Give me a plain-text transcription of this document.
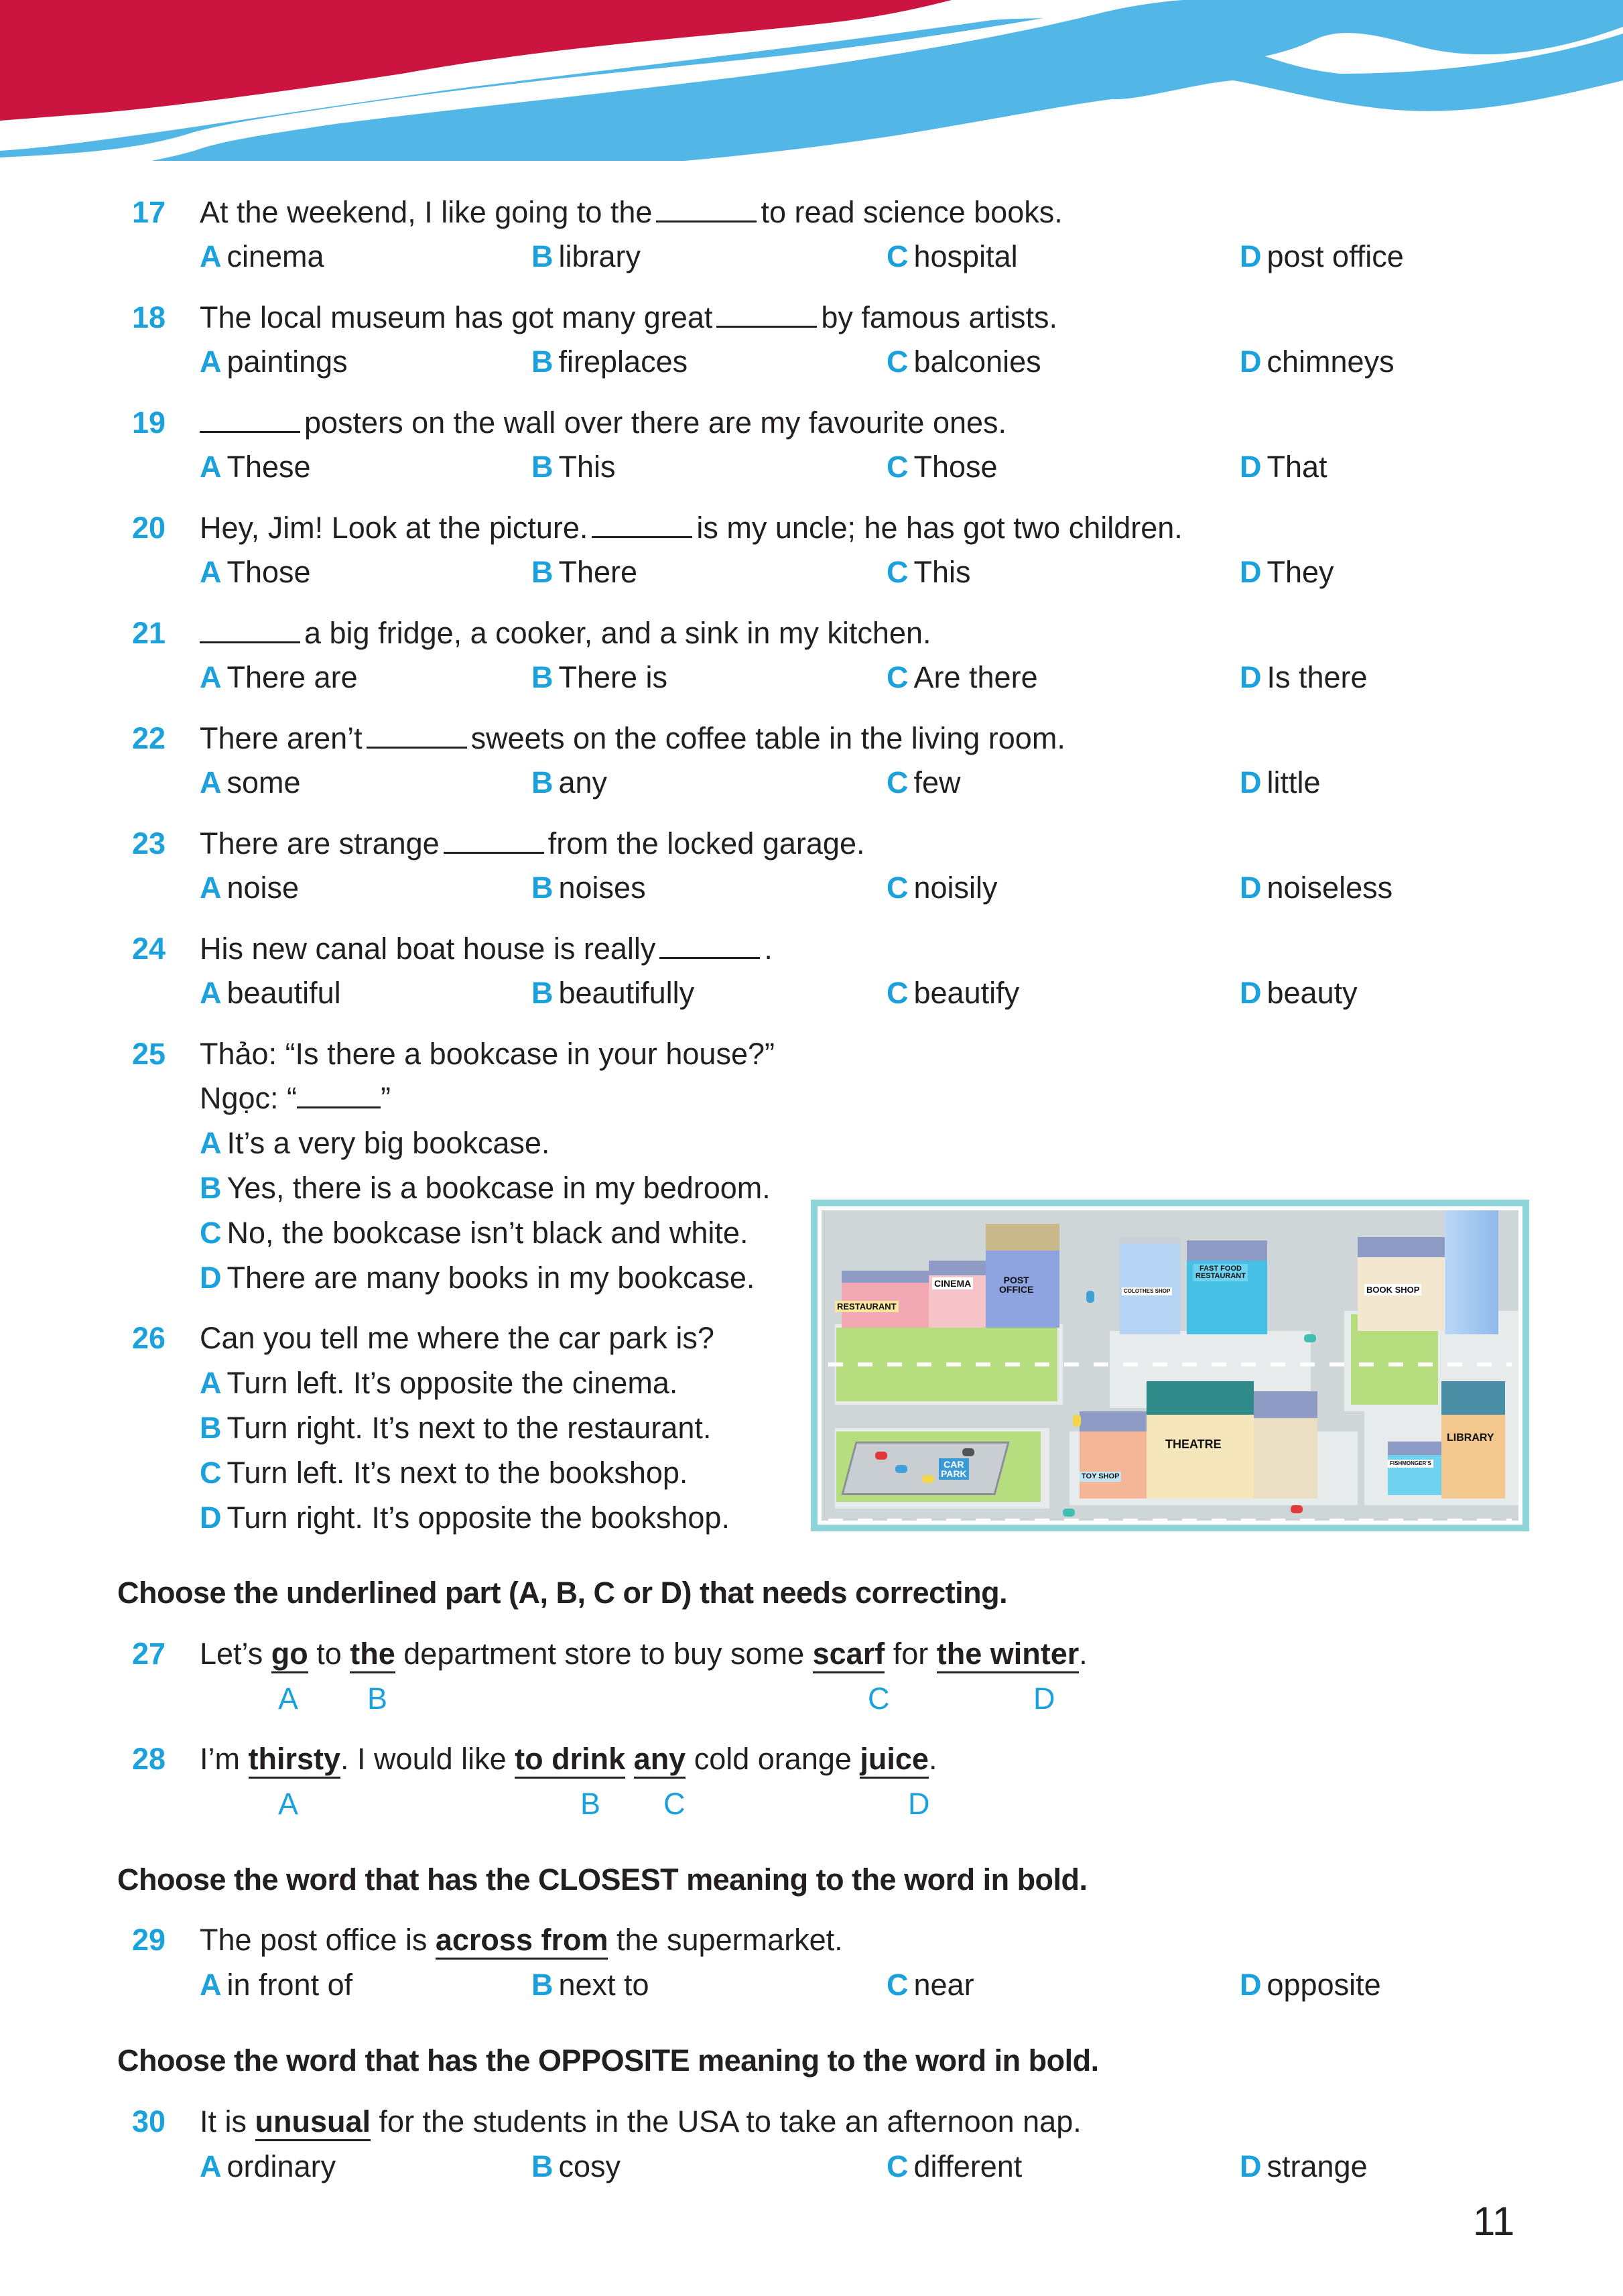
17 At the weekend, I like going to the	to read science books.
A cinema	B library	C hospital	D post office
18 The local museum has got many great	by famous artists.
A paintings	B fireplaces	C balconies	D chimneys
19	posters on the wall over there are my favourite ones.
A These	B This	C Those	D That
20 Hey, Jim! Look at the picture.	is my uncle; he has got two children.
A Those	B There	C This	D They
21	a big fridge, a cooker, and a sink in my kitchen.
A There are	B There is	C Are there	D Is there
22 There aren’t	sweets on the coffee table in the living room.
A some	B any	C few	D little
23 There are strange	from the locked garage.
A noise	B noises	C noisily	D noiseless
24 His new canal boat house is really	.
A beautiful	B beautifully	C beautify	D beauty
25 Thảo: “Is there a bookcase in your house?”
Ngọc: “	”
A It’s a very big bookcase.
B Yes, there is a bookcase in my bedroom.
C No, the bookcase isn’t black and white.
D There are many books in my bookcase.
26 Can you tell me where the car park is?
A Turn left. It’s opposite the cinema.
B Turn right. It’s next to the restaurant.
C Turn left. It’s next to the bookshop.
D Turn right. It’s opposite the bookshop.
RESTAURANT
CINEMA	POST
OFFICE	COLOTHES SHOP
FAST FOOD
RESTAURANT
BOOK SHOP
CAR
PARK	TOY SHOP
THEATRE
FISHMONGER’S
LIBRARY
Choose the underlined part (A, B, C or D) that needs correcting.
27 Let’s go to the department store to buy some scarf for the winter.
A B	C	D
28 I’m thirsty. I would like to drink any cold orange juice.
A	B C	D
Choose the word that has the CLOSEST meaning to the word in bold.
29 The post office is across from the supermarket.
A in front of	B next to	C near	D opposite
Choose the word that has the OPPOSITE meaning to the word in bold.
30 It is unusual for the students in the USA to take an afternoon nap.
A ordinary	B cosy	C different	D strange
11
